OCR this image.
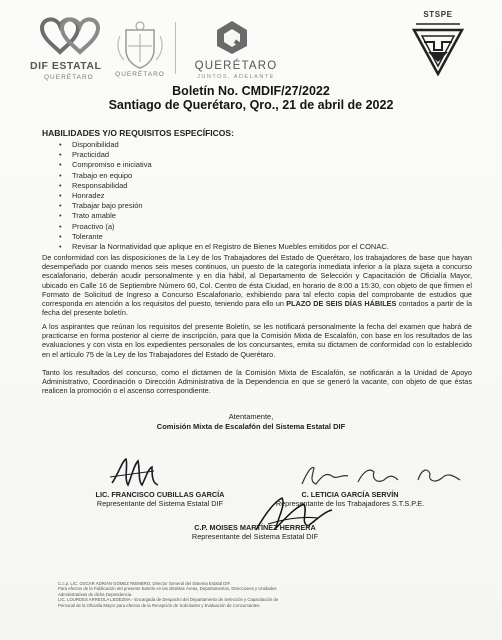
DIF ESTATAL
QUERÉTARO	QUERÉTARO
QUERÉTARO
JUNTOS, ADELANTE
STSPE
Boletín No. CMDIF/27/2022
Santiago de Querétaro, Qro., 21 de abril de 2022
HABILIDADES Y/O REQUISITOS ESPECÍFICOS:
• Disponibilidad
• Practicidad
• Compromiso e iniciativa
• Trabajo en equipo
• Responsabilidad
• Honradez
• Trabajar bajo presión
• Trato amable
• Proactivo (a)
• Tolerante
• Revisar la Normatividad que aplique en el Registro de Bienes Muebles emitidos por el CONAC.

De conformidad con las disposiciones de la Ley de los Trabajadores del Estado de Querétaro, los trabajadores de base que hayan desempeñado por cuando menos seis meses continuos, un puesto de la categoría inmediata inferior a la plaza sujeta a concurso escalafonario, deberán acudir personalmente y en día hábil, al Departamento de Selección y Capacitación de Oficialía Mayor, ubicado en Calle 16 de Septiembre Número 60, Col. Centro de ésta Ciudad, en horario de 8:00 a 15:30, con objeto de que firmen el Formato de Solicitud de Ingreso a Concurso Escalafonario, exhibiendo para tal efecto copia del comprobante de estudios que corresponda en atención a los requisitos del puesto, teniendo para ello un PLAZO DE SEIS DÍAS HÁBILES contados a partir de la fecha del presente boletín.

A los aspirantes que reúnan los requisitos del presente Boletín, se les notificará personalmente la fecha del examen que habrá de practicarse en forma posterior al cierre de inscripción, para que la Comisión Mixta de Escalafón, con base en los resultados de las evaluaciones y con vista en los expedientes personales de los concursantes, emita su dictamen de conformidad con lo establecido en el artículo 75 de la Ley de los Trabajadores del Estado de Querétaro.

Tanto los resultados del concurso, como el dictamen de la Comisión Mixta de Escalafón, se notificarán a la Unidad de Apoyo Administrativo, Coordinación o Dirección Administrativa de la Dependencia en que se generó la vacante, con objeto de que éstas realicen la promoción o el ascenso correspondiente.

Atentamente,
Comisión Mixta de Escalafón del Sistema Estatal DIF
LIC. FRANCISCO CUBILLAS GARCÍA
Representante del Sistema Estatal DIF
C. LETICIA GARCÍA SERVÍN
Representante de los Trabajadores S.T.S.P.E.
C.P. MOISES MARTÍNEZ HERRERA
Representante del Sistema Estatal DIF
C.c.p. LIC. OSCAR ADRIÁN GÓMEZ RIEMBRO, Director General del Sistema Estatal DIF.
Para efectos de la Publicación del presente Boletín en las distintas Áreas, Departamentos, Direcciones y Unidades
Administrativas de dicha Dependencia.
LIC. LOURDES ARREOLA LEDEZMA.- Encargada de Despacho del Departamento de Selección y Capacitación de
Personal de la Oficialía Mayor para efectos de la Recepción de Solicitudes y Evaluación de Concursantes.
